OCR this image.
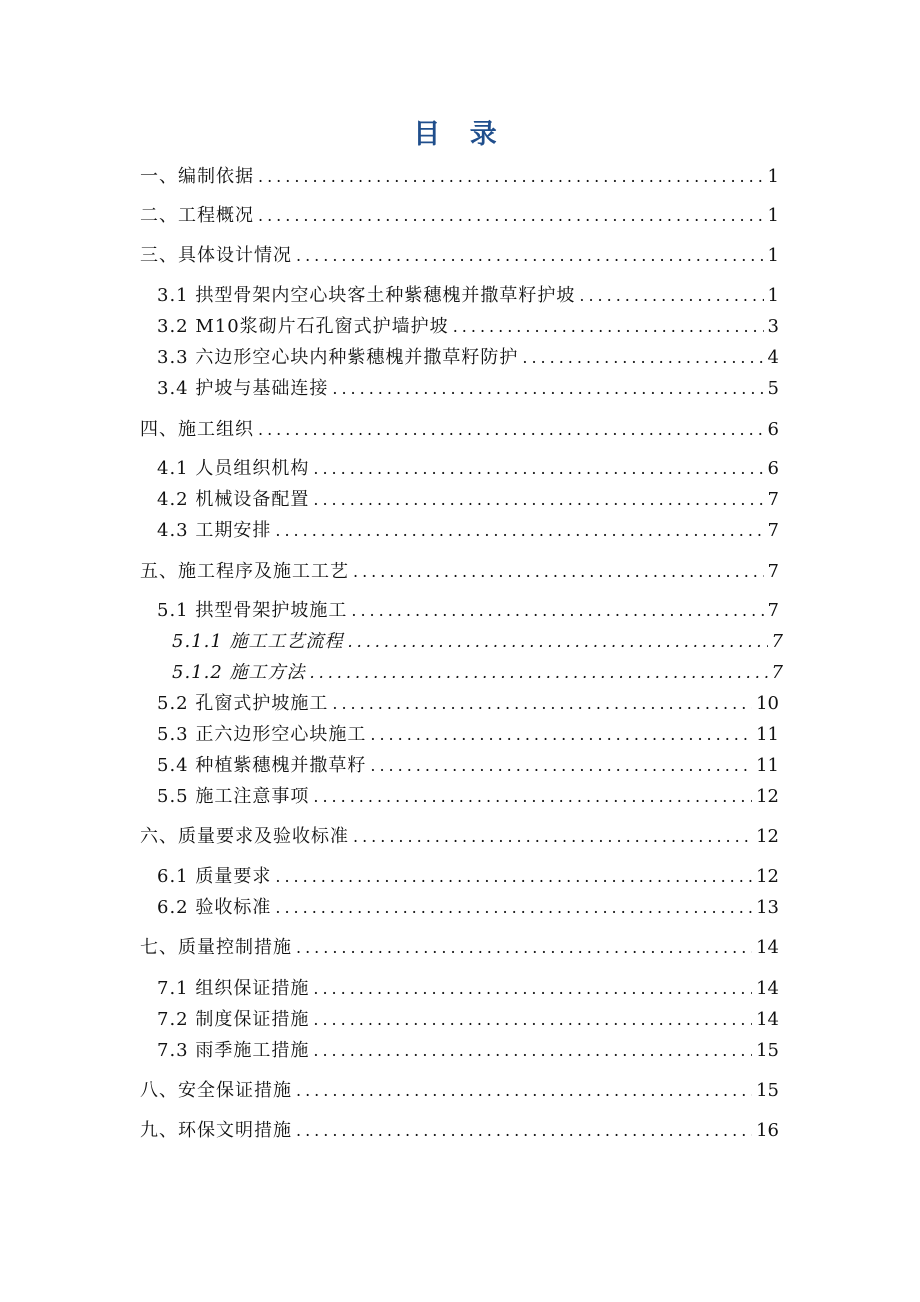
目 录
一、编制依据 .....	1
二、工程概况 .....	1
三、具体设计情况 .....	1
3.1 拱型骨架内空心块客土种紫穗槐并撒草籽护坡 .....	1
3.2 M10浆砌片石孔窗式护墙护坡 .....	3
3.3 六边形空心块内种紫穗槐并撒草籽防护 .....	4
3.4 护坡与基础连接 .....	5
四、施工组织 .....	6
4.1 人员组织机构 .....	6
4.2 机械设备配置 .....	7
4.3 工期安排 .....	7
五、施工程序及施工工艺 .....	7
5.1 拱型骨架护坡施工 .....	7
5.1.1 施工工艺流程 .....	7
5.1.2 施工方法 .....	7
5.2 孔窗式护坡施工 .....	10
5.3 正六边形空心块施工 .....	11
5.4 种植紫穗槐并撒草籽 .....	11
5.5 施工注意事项 .....	12
六、质量要求及验收标准 .....	12
6.1 质量要求 .....	12
6.2 验收标准 .....	13
七、质量控制措施 .....	14
7.1 组织保证措施 .....	14
7.2 制度保证措施 .....	14
7.3 雨季施工措施 .....	15
八、安全保证措施 .....	15
九、环保文明措施 .....	16
